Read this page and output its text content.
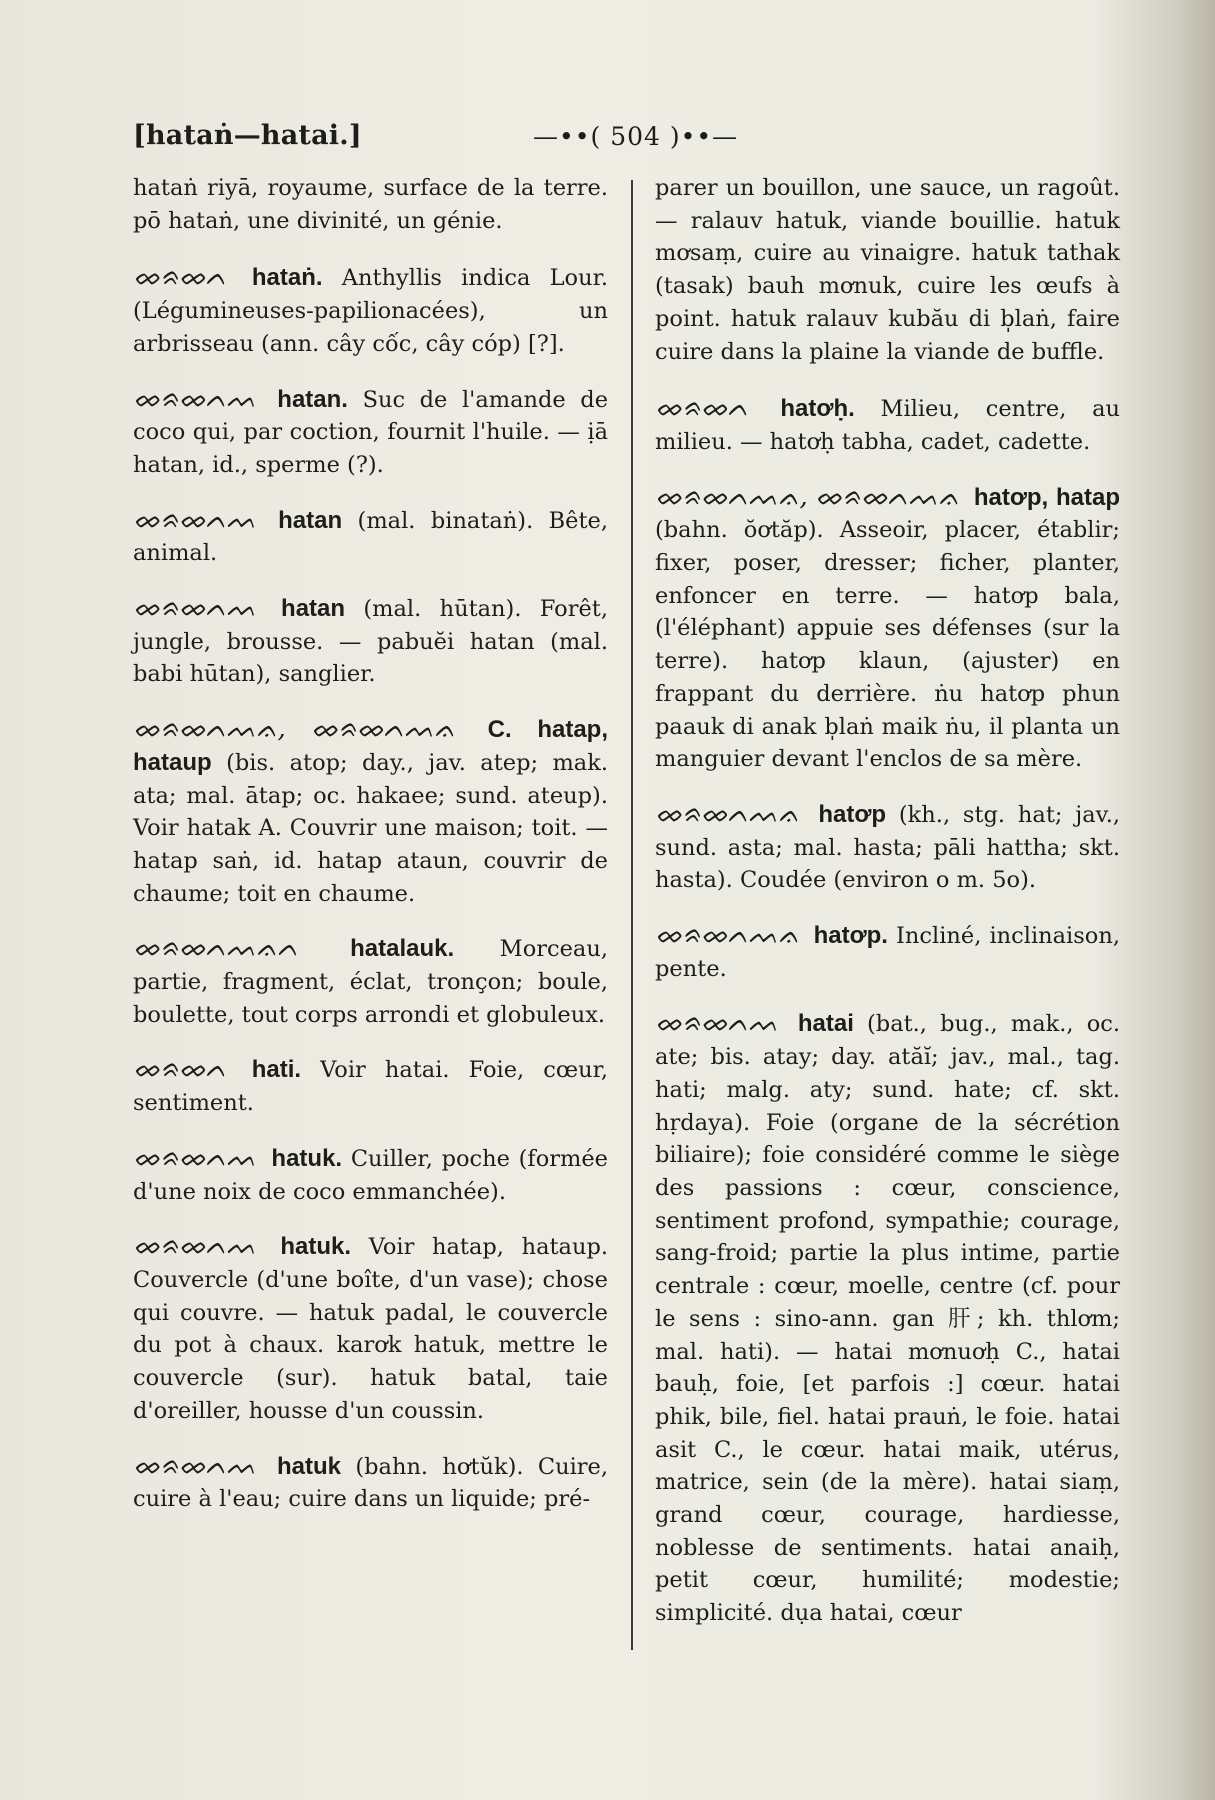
[hataṅ—hatai.]	—••( 504 )••—

hataṅ riyā, royaume, surface de la terre. pō hataṅ, une divinité, un génie.

ᨖᨑᨖᨈ hataṅ. Anthyllis indica Lour. (Légumineuses-papilionacées), un arbrisseau (ann. cây cốc, cây cóp) [?].

ᨖᨑᨖᨈᨓ hatan. Suc de l'amande de coco qui, par coction, fournit l'huile. — ịā hatan, id., sperme (?).

ᨖᨑᨖᨈᨓ hatan (mal. binataṅ). Bête, animal.

ᨖᨑᨖᨈᨓ hatan (mal. hūtan). Forêt, jungle, brousse. — pabuĕi hatan (mal. babi hūtan), sanglier.

ᨖᨑᨖᨈᨓᨊ, ᨖᨑᨖᨈᨓᨊ C. hatap, hataup (bis. atop; day., jav. atep; mak. ata; mal. ātap; oc. hakaee; sund. ateup). Voir hatak A. Couvrir une maison; toit. — hatap saṅ, id. hatap ataun, couvrir de chaume; toit en chaume.

ᨖᨑᨖᨈᨓᨊᨈ hatalauk. Morceau, partie, fragment, éclat, tronçon; boule, boulette, tout corps arrondi et globuleux.

ᨖᨑᨖᨈ hati. Voir hatai. Foie, cœur, sentiment.

ᨖᨑᨖᨈᨓ hatuk. Cuiller, poche (formée d'une noix de coco emmanchée).

ᨖᨑᨖᨈᨓ hatuk. Voir hatap, hataup. Couvercle (d'une boîte, d'un vase); chose qui couvre. — hatuk padal, le couvercle du pot à chaux. karơk hatuk, mettre le couvercle (sur). hatuk batal, taie d'oreiller, housse d'un coussin.

ᨖᨑᨖᨈᨓ hatuk (bahn. hơtŭk). Cuire, cuire à l'eau; cuire dans un liquide; pré-

parer un bouillon, une sauce, un ragoût. — ralauv hatuk, viande bouillie. hatuk mơsaṃ, cuire au vinaigre. hatuk tathak (tasak) bauh mơnuk, cuire les œufs à point. hatuk ralauv kubău di b̩laṅ, faire cuire dans la plaine la viande de buffle.

ᨖᨑᨖᨈ hatơḥ. Milieu, centre, au milieu. — hatơḥ tabha, cadet, cadette.

ᨖᨑᨖᨈᨓᨊ, ᨖᨑᨖᨈᨓᨊ hatơp, hatap (bahn. ŏơtăp). Asseoir, placer, établir; fixer, poser, dresser; ficher, planter, enfoncer en terre. — hatơp bala, (l'éléphant) appuie ses défenses (sur la terre). hatơp klaun, (ajuster) en frappant du derrière. ṅu hatơp phun paauk di anak b̩laṅ maik ṅu, il planta un manguier devant l'enclos de sa mère.

ᨖᨑᨖᨈᨓᨊ hatơp (kh., stg. hat; jav., sund. asta; mal. hasta; pāli hattha; skt. hasta). Coudée (environ o m. 5o).

ᨖᨑᨖᨈᨓᨊ hatơp. Incliné, inclinaison, pente.

ᨖᨑᨖᨈᨓ hatai (bat., bug., mak., oc. ate; bis. atay; day. atăĭ; jav., mal., tag. hati; malg. aty; sund. hate; cf. skt. hṛdaya). Foie (organe de la sécrétion biliaire); foie considéré comme le siège des passions : cœur, conscience, sentiment profond, sympathie; courage, sang-froid; partie la plus intime, partie centrale : cœur, moelle, centre (cf. pour le sens : sino-ann. gan 肝; kh. thlơm; mal. hati). — hatai mơnuơḥ C., hatai bauḥ, foie, [et parfois :] cœur. hatai phik, bile, fiel. hatai prauṅ, le foie. hatai asit C., le cœur. hatai maik, utérus, matrice, sein (de la mère). hatai siaṃ, grand cœur, courage, hardiesse, noblesse de sentiments. hatai anaiḥ, petit cœur, humilité; modestie; simplicité. dụa hatai, cœur
